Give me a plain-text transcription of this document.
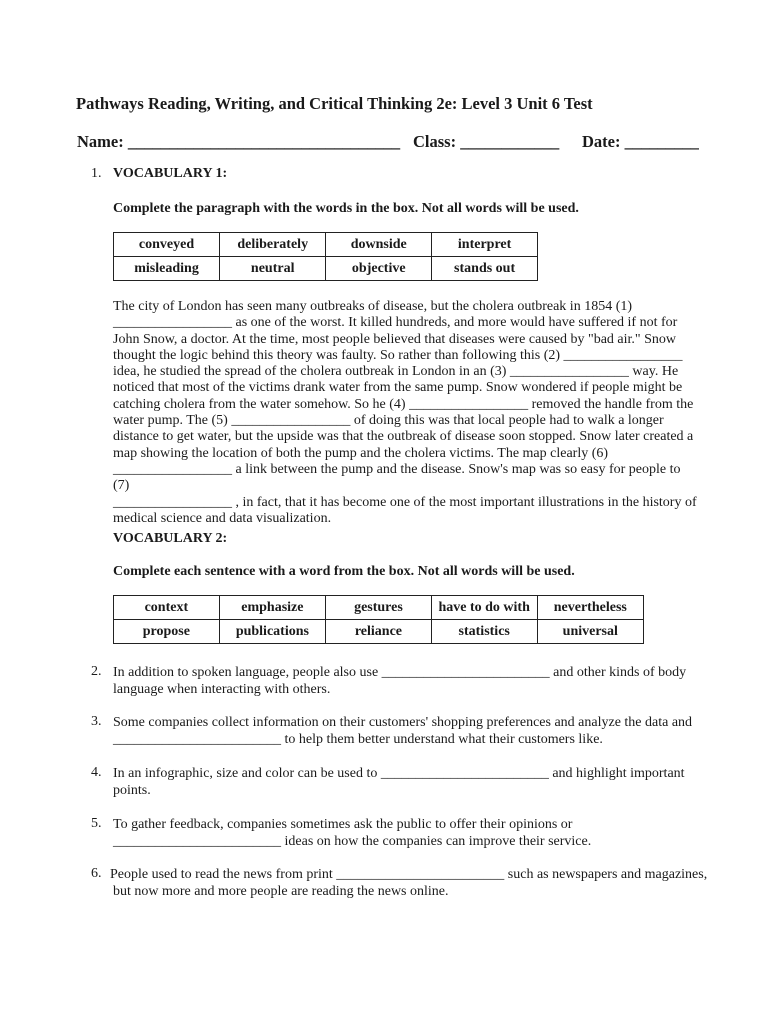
Pathways Reading, Writing, and Critical Thinking 2e: Level 3 Unit 6 Test
Name: _________________________________ Class: ____________ Date: _________
1. VOCABULARY 1:
Complete the paragraph with the words in the box. Not all words will be used.
conveyed	deliberately	downside	interpret
misleading	neutral	objective	stands out
The city of London has seen many outbreaks of disease, but the cholera outbreak in 1854 (1)
_________________ as one of the worst. It killed hundreds, and more would have suffered if not for
John Snow, a doctor. At the time, most people believed that diseases were caused by "bad air." Snow
thought the logic behind this theory was faulty. So rather than following this (2) _________________
idea, he studied the spread of the cholera outbreak in London in an (3) _________________ way. He
noticed that most of the victims drank water from the same pump. Snow wondered if people might be
catching cholera from the water somehow. So he (4) _________________ removed the handle from the
water pump. The (5) _________________ of doing this was that local people had to walk a longer
distance to get water, but the upside was that the outbreak of disease soon stopped. Snow later created a
map showing the location of both the pump and the cholera victims. The map clearly (6)
_________________ a link between the pump and the disease. Snow's map was so easy for people to (7)
_________________ , in fact, that it has become one of the most important illustrations in the history of
medical science and data visualization.
VOCABULARY 2:
Complete each sentence with a word from the box. Not all words will be used.
context	emphasize	gestures	have to do with	nevertheless
propose	publications	reliance	statistics	universal
2. In addition to spoken language, people also use ________________________ and other kinds of body
language when interacting with others.
3. Some companies collect information on their customers' shopping preferences and analyze the data and
________________________ to help them better understand what their customers like.
4. In an infographic, size and color can be used to ________________________ and highlight important
points.
5. To gather feedback, companies sometimes ask the public to offer their opinions or
________________________ ideas on how the companies can improve their service.
6. People used to read the news from print ________________________ such as newspapers and magazines,
but now more and more people are reading the news online.
